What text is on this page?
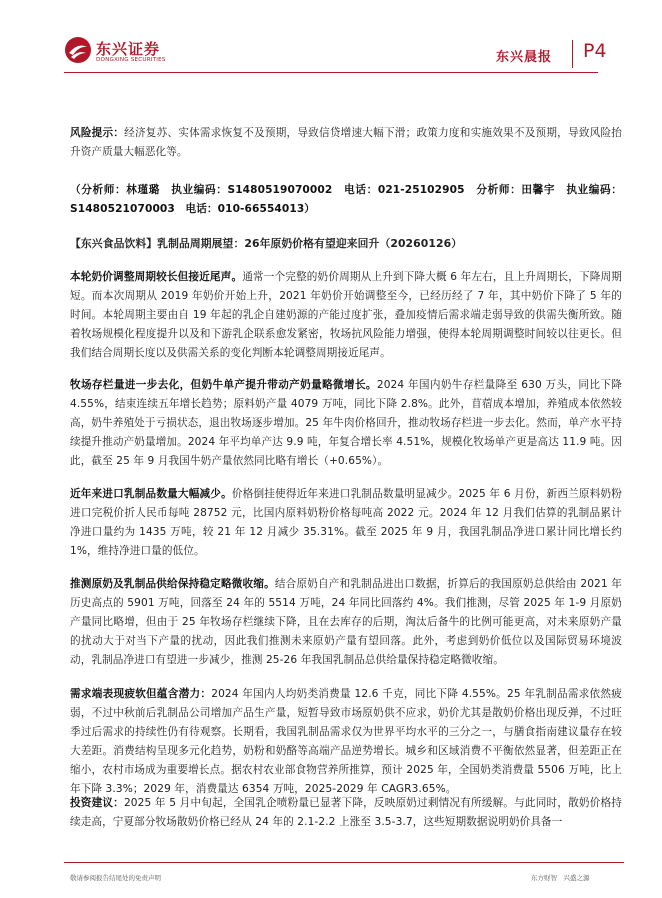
东兴证券
DONGXING SECURITIES	东兴晨报 P4
风险提示：经济复苏、实体需求恢复不及预期，导致信贷增速大幅下滑；政策力度和实施效果不及预期，导致风险抬升资产质量大幅恶化等。
（分析师：林瑾璐　执业编码：S1480519070002　电话：021-25102905　分析师：田馨宇　执业编码：S1480521070003　电话：010-66554013）
【东兴食品饮料】乳制品周期展望：26年原奶价格有望迎来回升（20260126）
本轮奶价调整周期较长但接近尾声。通常一个完整的奶价周期从上升到下降大概 6 年左右，且上升周期长，下降周期短。而本次周期从 2019 年奶价开始上升，2021 年奶价开始调整至今，已经历经了 7 年，其中奶价下降了 5 年的时间。本轮周期主要由自 19 年起的乳企自建奶源的产能过度扩张，叠加疫情后需求端走弱导致的供需失衡所致。随着牧场规模化程度提升以及和下游乳企联系愈发紧密，牧场抗风险能力增强，使得本轮周期调整时间较以往更长。但我们结合周期长度以及供需关系的变化判断本轮调整周期接近尾声。
牧场存栏量进一步去化，但奶牛单产提升带动产奶量略微增长。2024 年国内奶牛存栏量降至 630 万头，同比下降 4.55%，结束连续五年增长趋势；原料奶产量 4079 万吨，同比下降 2.8%。此外，苜蓿成本增加，养殖成本依然较高，奶牛养殖处于亏损状态，退出牧场逐步增加。25 年牛肉价格回升，推动牧场存栏进一步去化。然而，单产水平持续提升推动产奶量增加。2024 年平均单产达 9.9 吨，年复合增长率 4.51%，规模化牧场单产更是高达 11.9 吨。因此，截至 25 年 9 月我国牛奶产量依然同比略有增长（+0.65%）。
近年来进口乳制品数量大幅减少。价格倒挂使得近年来进口乳制品数量明显减少。2025 年 6 月份，新西兰原料奶粉进口完税价折人民币每吨 28752 元，比国内原料奶粉价格每吨高 2022 元。2024 年 12 月我们估算的乳制品累计净进口量约为 1435 万吨，较 21 年 12 月减少 35.31%。截至 2025 年 9 月，我国乳制品净进口累计同比增长约 1%，维持净进口量的低位。
推测原奶及乳制品供给保持稳定略微收缩。结合原奶自产和乳制品进出口数据，折算后的我国原奶总供给由 2021 年历史高点的 5901 万吨，回落至 24 年的 5514 万吨，24 年同比回落约 4%。我们推测，尽管 2025 年 1-9 月原奶产量同比略增，但由于 25 年牧场存栏继续下降，且在去库存的后期，淘汰后备牛的比例可能更高，对未来原奶产量的扰动大于对当下产量的扰动，因此我们推测未来原奶产量有望回落。此外，考虑到奶价低位以及国际贸易环境波动，乳制品净进口有望进一步减少，推测 25-26 年我国乳制品总供给量保持稳定略微收缩。
需求端表现疲软但蕴含潜力：2024 年国内人均奶类消费量 12.6 千克，同比下降 4.55%。25 年乳制品需求依然疲弱，不过中秋前后乳制品公司增加产品生产量，短暂导致市场原奶供不应求，奶价尤其是散奶价格出现反弹，不过旺季过后需求的持续性仍有待观察。长期看，我国乳制品需求仅为世界平均水平的三分之一，与膳食指南建议量存在较大差距。消费结构呈现多元化趋势，奶粉和奶酪等高端产品逆势增长。城乡和区域消费不平衡依然显著，但差距正在缩小，农村市场成为重要增长点。据农村农业部食物营养所推算，预计 2025 年，全国奶类消费量 5506 万吨，比上年下降 3.3%；2029 年，消费量达 6354 万吨，2025-2029 年 CAGR3.65%。
投资建议：2025 年 5 月中旬起，全国乳企喷粉量已显著下降，反映原奶过剩情况有所缓解。与此同时，散奶价格持续走高，宁夏部分牧场散奶价格已经从 24 年的 2.1-2.2 上涨至 3.5-3.7，这些短期数据说明奶价具备一
敬请参阅报告结尾处的免责声明	东方财智　兴盛之源
